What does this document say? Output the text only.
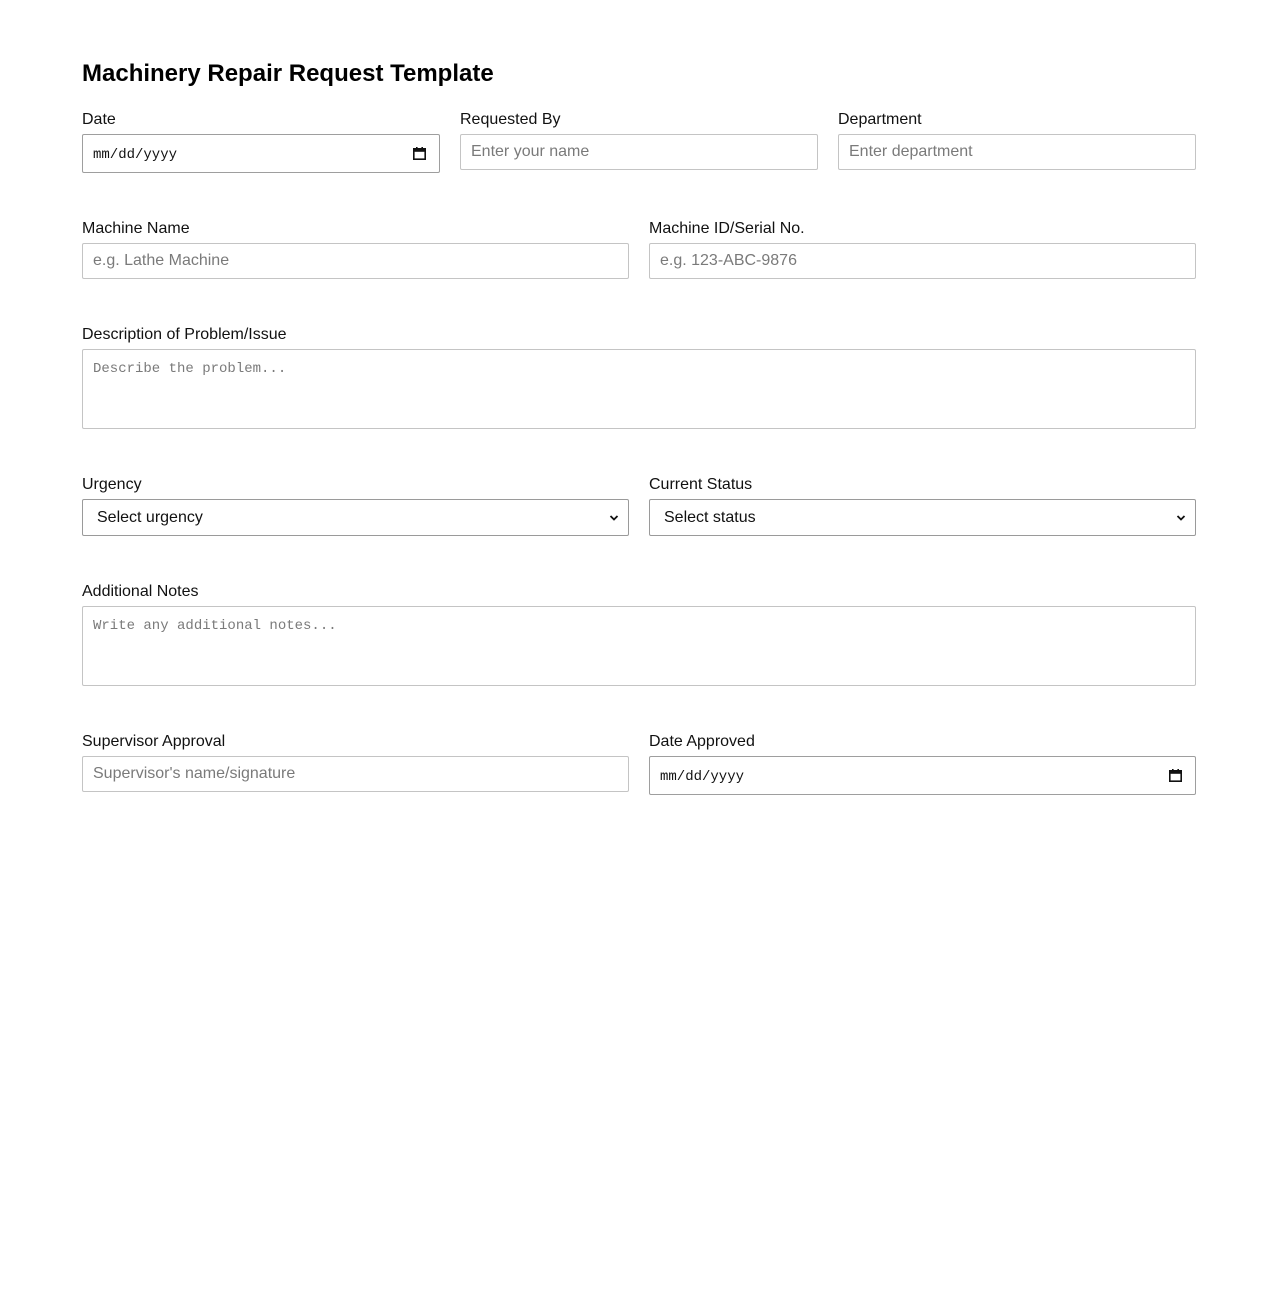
Machinery Repair Request Template
Date
mm/dd/yyyy
Requested By
Enter your name
Department
Enter department
Machine Name
e.g. Lathe Machine
Machine ID/Serial No.
e.g. 123-ABC-9876
Description of Problem/Issue
Describe the problem...
Urgency
Select urgency
Current Status
Select status
Additional Notes
Write any additional notes...
Supervisor Approval
Supervisor's name/signature
Date Approved
mm/dd/yyyy
